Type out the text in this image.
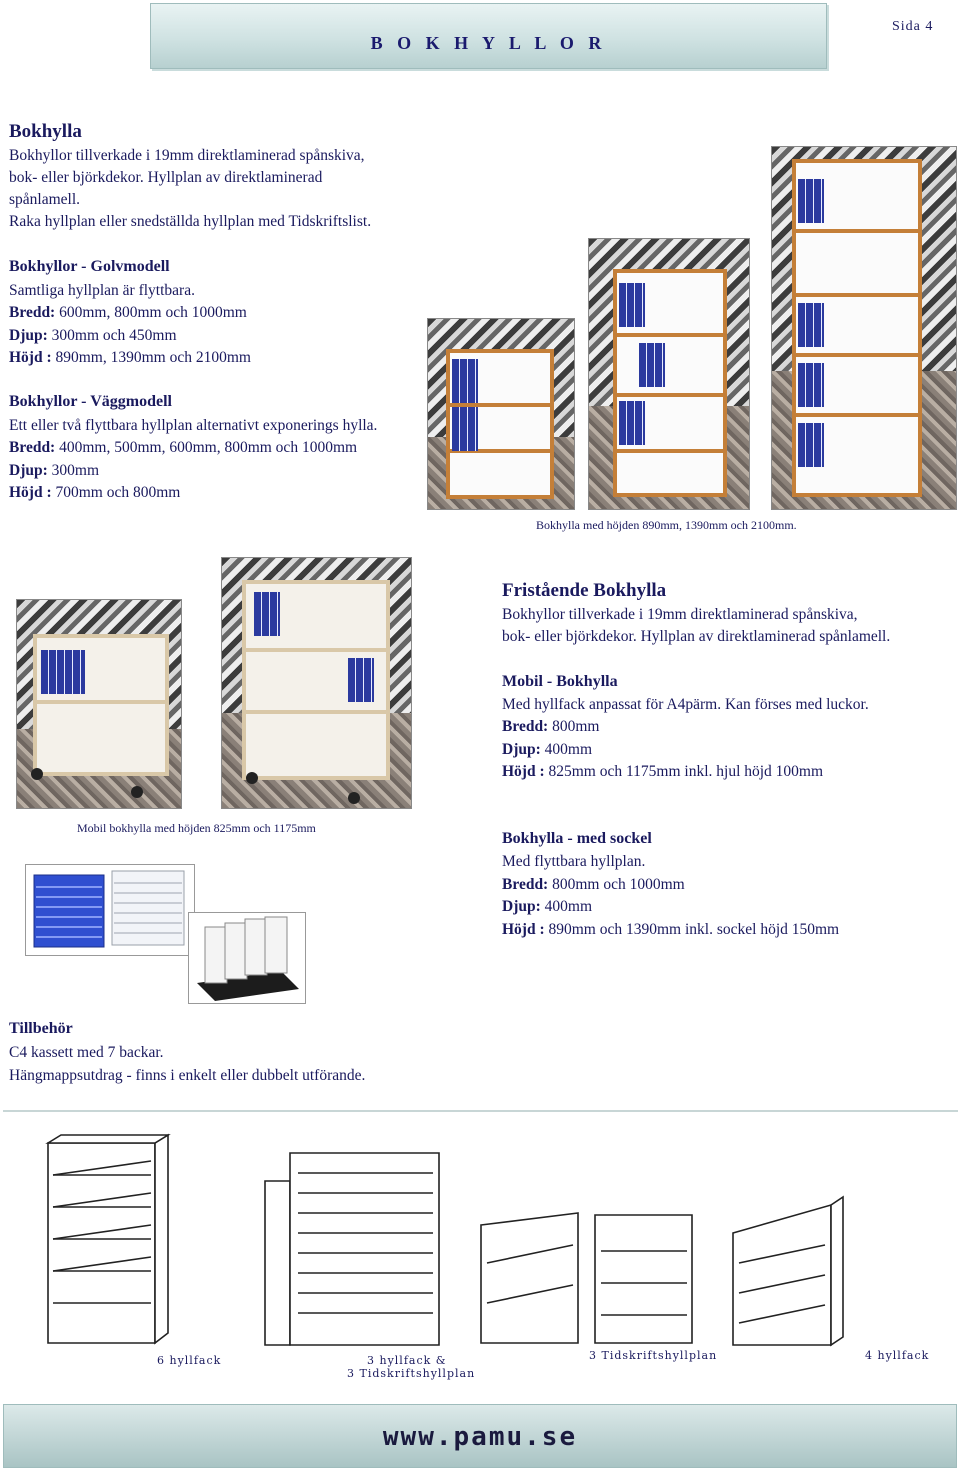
B O K H Y L L O R
Sida 4
Bokhylla
Bokhyllor tillverkade i 19mm direktlaminerad spånskiva,
bok- eller björkdekor. Hyllplan av direktlaminerad
spånlamell.
Raka hyllplan eller snedställda hyllplan med Tidskriftslist.
Bokhyllor - Golvmodell
Samtliga hyllplan är flyttbara.
Bredd: 600mm, 800mm och 1000mm
Djup: 300mm och 450mm
Höjd : 890mm, 1390mm och 2100mm
Bokhyllor - Väggmodell
Ett eller två flyttbara hyllplan alternativt exponerings hylla.
Bredd: 400mm, 500mm, 600mm, 800mm och 1000mm
Djup: 300mm
Höjd : 700mm och 800mm
Bokhylla med höjden 890mm, 1390mm och 2100mm.
Mobil bokhylla med höjden 825mm och 1175mm
Fristående Bokhylla
Bokhyllor tillverkade i 19mm direktlaminerad spånskiva,
bok- eller björkdekor. Hyllplan av direktlaminerad spånlamell.
Mobil - Bokhylla
Med hyllfack anpassat för A4pärm. Kan förses med luckor.
Bredd: 800mm
Djup: 400mm
Höjd : 825mm och 1175mm inkl. hjul höjd 100mm
Bokhylla - med sockel
Med flyttbara hyllplan.
Bredd: 800mm och 1000mm
Djup: 400mm
Höjd : 890mm och 1390mm inkl. sockel höjd 150mm
Tillbehör
C4 kassett med 7 backar.
Hängmappsutdrag - finns i enkelt eller dubbelt utförande.
6 hyllfack	3 hyllfack &
3 Tidskriftshyllplan
3 Tidskriftshyllplan	4 hyllfack
www.pamu.se
